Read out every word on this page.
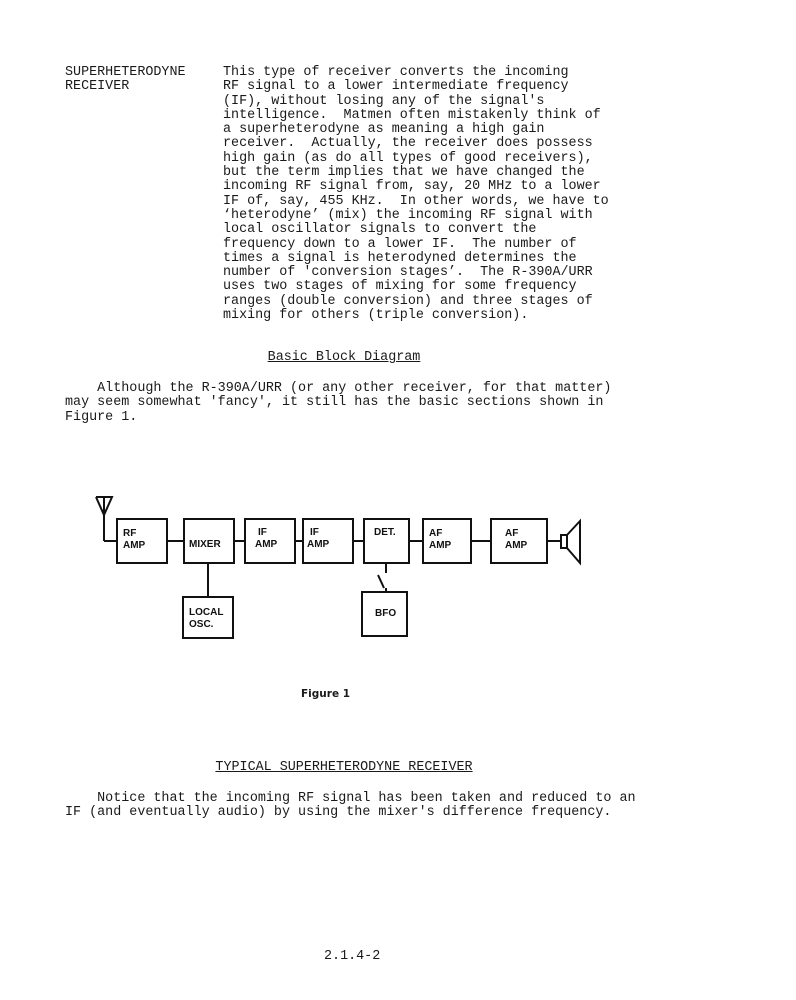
SUPERHETERODYNE
RECEIVER
This type of receiver converts the incoming
RF signal to a lower intermediate frequency
(IF), without losing any of the signal's
intelligence.  Matmen often mistakenly think of
a superheterodyne as meaning a high gain
receiver.  Actually, the receiver does possess
high gain (as do all types of good receivers),
but the term implies that we have changed the
incoming RF signal from, say, 20 MHz to a lower
IF of, say, 455 KHz.  In other words, we have to
‘heterodyne’ (mix) the incoming RF signal with
local oscillator signals to convert the
frequency down to a lower IF.  The number of
times a signal is heterodyned determines the
number of 'conversion stages’.  The R-390A/URR
uses two stages of mixing for some frequency
ranges (double conversion) and three stages of
mixing for others (triple conversion).
Basic Block Diagram
Although the R-390A/URR (or any other receiver, for that matter)
may seem somewhat 'fancy', it still has the basic sections shown in
Figure 1.
RF
AMP	MIXER
IF
AMP
IF
AMP
DET.	AF
AMP
AF
AMP
LOCAL
OSC.
BFO
Figure 1
TYPICAL SUPERHETERODYNE RECEIVER
Notice that the incoming RF signal has been taken and reduced to an
IF (and eventually audio) by using the mixer's difference frequency.
2.1.4-2
